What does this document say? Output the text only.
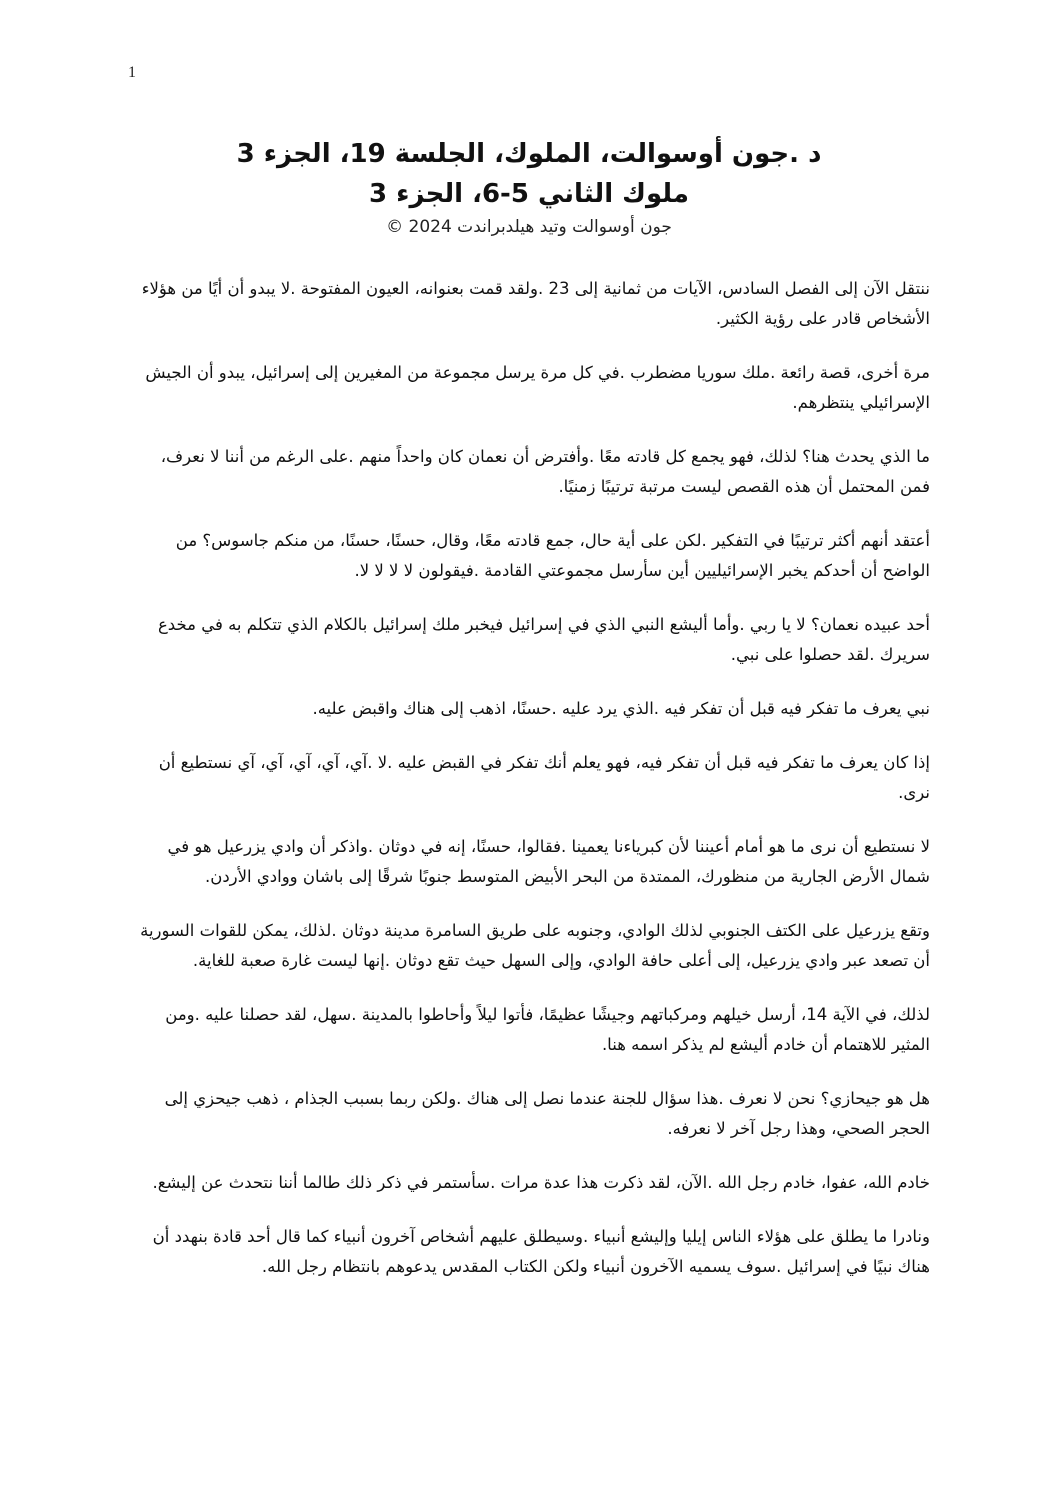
1

د .جون أوسوالت، الملوك، الجلسة 19، الجزء 3

ملوك الثاني 5-6، الجزء 3

جون أوسوالت وتيد هيلدبراندت 2024 ©

ننتقل الآن إلى الفصل السادس، الآيات من ثمانية إلى 23 .ولقد قمت بعنوانه، العيون المفتوحة .لا يبدو أن أيًا من هؤلاء الأشخاص قادر على رؤية الكثير.

مرة أخرى، قصة رائعة .ملك سوريا مضطرب .في كل مرة يرسل مجموعة من المغيرين إلى إسرائيل، يبدو أن الجيش الإسرائيلي ينتظرهم.

ما الذي يحدث هنا؟ لذلك، فهو يجمع كل قادته معًا .وأفترض أن نعمان كان واحداً منهم .على الرغم من أننا لا نعرف، فمن المحتمل أن هذه القصص ليست مرتبة ترتيبًا زمنيًا.

أعتقد أنهم أكثر ترتيبًا في التفكير .لكن على أية حال، جمع قادته معًا، وقال، حسنًا، حسنًا، من منكم جاسوس؟ من الواضح أن أحدكم يخبر الإسرائيليين أين سأرسل مجموعتي القادمة .فيقولون لا لا لا لا.

أحد عبيده نعمان؟ لا يا ربي .وأما أليشع النبي الذي في إسرائيل فيخبر ملك إسرائيل بالكلام الذي تتكلم به في مخدع سريرك .لقد حصلوا على نبي.

نبي يعرف ما تفكر فيه قبل أن تفكر فيه .الذي يرد عليه .حسنًا، اذهب إلى هناك واقبض عليه.

إذا كان يعرف ما تفكر فيه قبل أن تفكر فيه، فهو يعلم أنك تفكر في القبض عليه .لا .آي، آي، آي، آي، آي نستطيع أن نرى.

لا نستطيع أن نرى ما هو أمام أعيننا لأن كبرياءنا يعمينا .فقالوا، حسنًا، إنه في دوثان .واذكر أن وادي يزرعيل هو في شمال الأرض الجارية من منظورك، الممتدة من البحر الأبيض المتوسط جنوبًا شرقًا إلى باشان ووادي الأردن.

وتقع يزرعيل على الكتف الجنوبي لذلك الوادي، وجنوبه على طريق السامرة مدينة دوثان .لذلك، يمكن للقوات السورية أن تصعد عبر وادي يزرعيل، إلى أعلى حافة الوادي، وإلى السهل حيث تقع دوثان .إنها ليست غارة صعبة للغاية.

لذلك، في الآية 14، أرسل خيلهم ومركباتهم وجيشًا عظيمًا، فأتوا ليلاً وأحاطوا بالمدينة .سهل، لقد حصلنا عليه .ومن المثير للاهتمام أن خادم أليشع لم يذكر اسمه هنا.

هل هو جيحازي؟ نحن لا نعرف .هذا سؤال للجنة عندما نصل إلى هناك .ولكن ربما بسبب الجذام ، ذهب جيحزي إلى الحجر الصحي، وهذا رجل آخر لا نعرفه.

خادم الله، عفوا، خادم رجل الله .الآن، لقد ذكرت هذا عدة مرات .سأستمر في ذكر ذلك طالما أننا نتحدث عن إليشع.

ونادرا ما يطلق على هؤلاء الناس إيليا وإليشع أنبياء .وسيطلق عليهم أشخاص آخرون أنبياء كما قال أحد قادة بنهدد أن هناك نبيًا في إسرائيل .سوف يسميه الآخرون أنبياء ولكن الكتاب المقدس يدعوهم بانتظام رجل الله.
